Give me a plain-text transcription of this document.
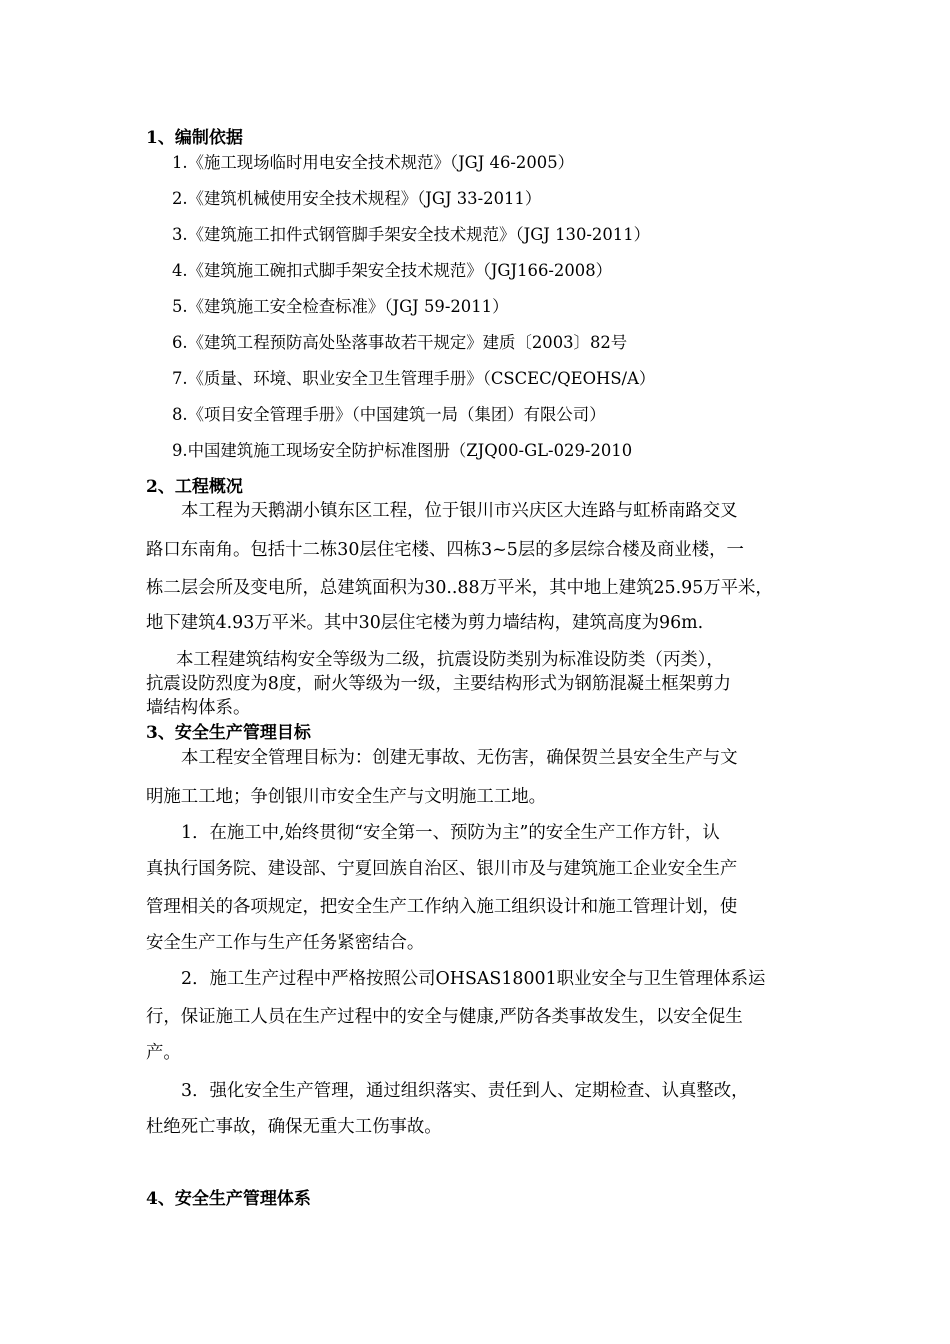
1、编制依据
1.《施工现场临时用电安全技术规范》（JGJ 46-2005）
2.《建筑机械使用安全技术规程》（JGJ 33-2011）
3.《建筑施工扣件式钢管脚手架安全技术规范》（JGJ 130-2011）
4.《建筑施工碗扣式脚手架安全技术规范》（JGJ166-2008）
5.《建筑施工安全检查标准》（JGJ 59-2011）
6.《建筑工程预防高处坠落事故若干规定》建质〔2003〕82号
7.《质量、环境、职业安全卫生管理手册》（CSCEC/QEOHS/A）
8.《项目安全管理手册》（中国建筑一局（集团）有限公司）
9.中国建筑施工现场安全防护标准图册（ZJQ00-GL-029-2010
2、工程概况
本工程为天鹅湖小镇东区工程，位于银川市兴庆区大连路与虹桥南路交叉
路口东南角。包括十二栋30层住宅楼、四栋3~5层的多层综合楼及商业楼，一
栋二层会所及变电所，总建筑面积为30..88万平米，其中地上建筑25.95万平米，
地下建筑4.93万平米。其中30层住宅楼为剪力墙结构，建筑高度为96m.
本工程建筑结构安全等级为二级，抗震设防类别为标准设防类（丙类），
抗震设防烈度为8度，耐火等级为一级，主要结构形式为钢筋混凝土框架剪力
墙结构体系。
3、安全生产管理目标
本工程安全管理目标为：创建无事故、无伤害，确保贺兰县安全生产与文
明施工工地；争创银川市安全生产与文明施工工地。
1．在施工中,始终贯彻“安全第一、预防为主”的安全生产工作方针，认
真执行国务院、建设部、宁夏回族自治区、银川市及与建筑施工企业安全生产
管理相关的各项规定，把安全生产工作纳入施工组织设计和施工管理计划，使
安全生产工作与生产任务紧密结合。
2．施工生产过程中严格按照公司OHSAS18001职业安全与卫生管理体系运
行，保证施工人员在生产过程中的安全与健康,严防各类事故发生，以安全促生
产。
3．强化安全生产管理，通过组织落实、责任到人、定期检查、认真整改，
杜绝死亡事故，确保无重大工伤事故。
4、安全生产管理体系
